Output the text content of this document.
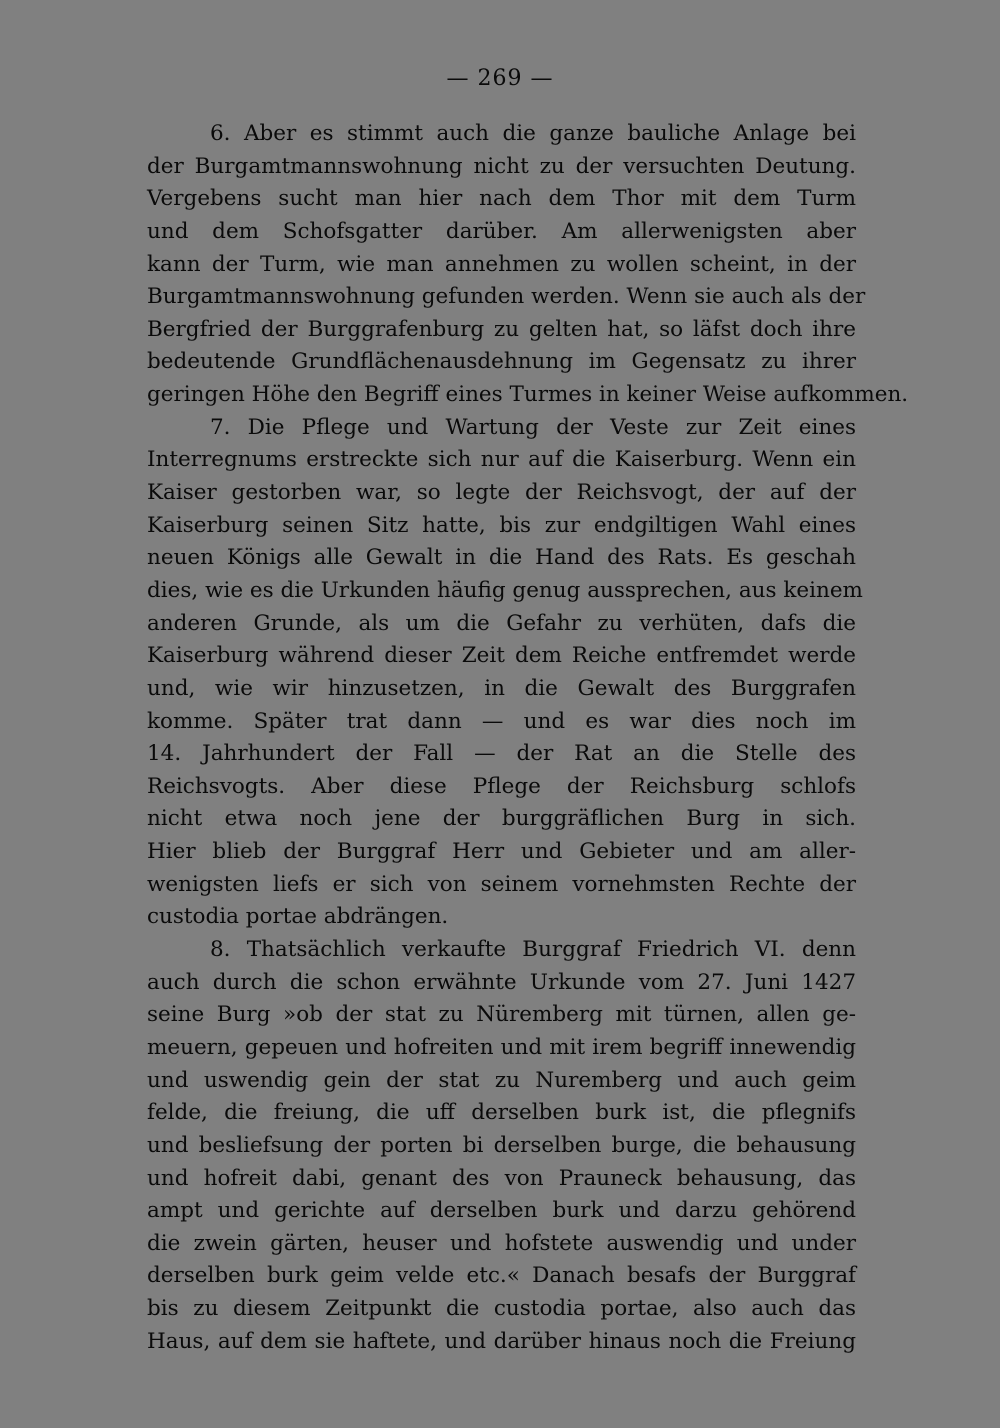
— 269 —
6. Aber es stimmt auch die ganze bauliche Anlage bei
der Burgamtmannswohnung nicht zu der versuchten Deutung.
Vergebens sucht man hier nach dem Thor mit dem Turm
und dem Schofsgatter darüber. Am allerwenigsten aber
kann der Turm, wie man annehmen zu wollen scheint, in der
Burgamtmannswohnung gefunden werden. Wenn sie auch als der
Bergfried der Burggrafenburg zu gelten hat, so läfst doch ihre
bedeutende Grundflächenausdehnung im Gegensatz zu ihrer
geringen Höhe den Begriff eines Turmes in keiner Weise aufkommen.
7. Die Pflege und Wartung der Veste zur Zeit eines
Interregnums erstreckte sich nur auf die Kaiserburg. Wenn ein
Kaiser gestorben war, so legte der Reichsvogt, der auf der
Kaiserburg seinen Sitz hatte, bis zur endgiltigen Wahl eines
neuen Königs alle Gewalt in die Hand des Rats. Es geschah
dies, wie es die Urkunden häufig genug aussprechen, aus keinem
anderen Grunde, als um die Gefahr zu verhüten, dafs die
Kaiserburg während dieser Zeit dem Reiche entfremdet werde
und, wie wir hinzusetzen, in die Gewalt des Burggrafen
komme. Später trat dann — und es war dies noch im
14. Jahrhundert der Fall — der Rat an die Stelle des
Reichsvogts. Aber diese Pflege der Reichsburg schlofs
nicht etwa noch jene der burggräflichen Burg in sich.
Hier blieb der Burggraf Herr und Gebieter und am aller-
wenigsten liefs er sich von seinem vornehmsten Rechte der
custodia portae abdrängen.
8. Thatsächlich verkaufte Burggraf Friedrich VI. denn
auch durch die schon erwähnte Urkunde vom 27. Juni 1427
seine Burg »ob der stat zu Nüremberg mit türnen, allen ge-
meuern, gepeuen und hofreiten und mit irem begriff innewendig
und uswendig gein der stat zu Nuremberg und auch geim
felde, die freiung, die uff derselben burk ist, die pflegnifs
und besliefsung der porten bi derselben burge, die behausung
und hofreit dabi, genant des von Prauneck behausung, das
ampt und gerichte auf derselben burk und darzu gehörend
die zwein gärten, heuser und hofstete auswendig und under
derselben burk geim velde etc.« Danach besafs der Burggraf
bis zu diesem Zeitpunkt die custodia portae, also auch das
Haus, auf dem sie haftete, und darüber hinaus noch die Freiung
